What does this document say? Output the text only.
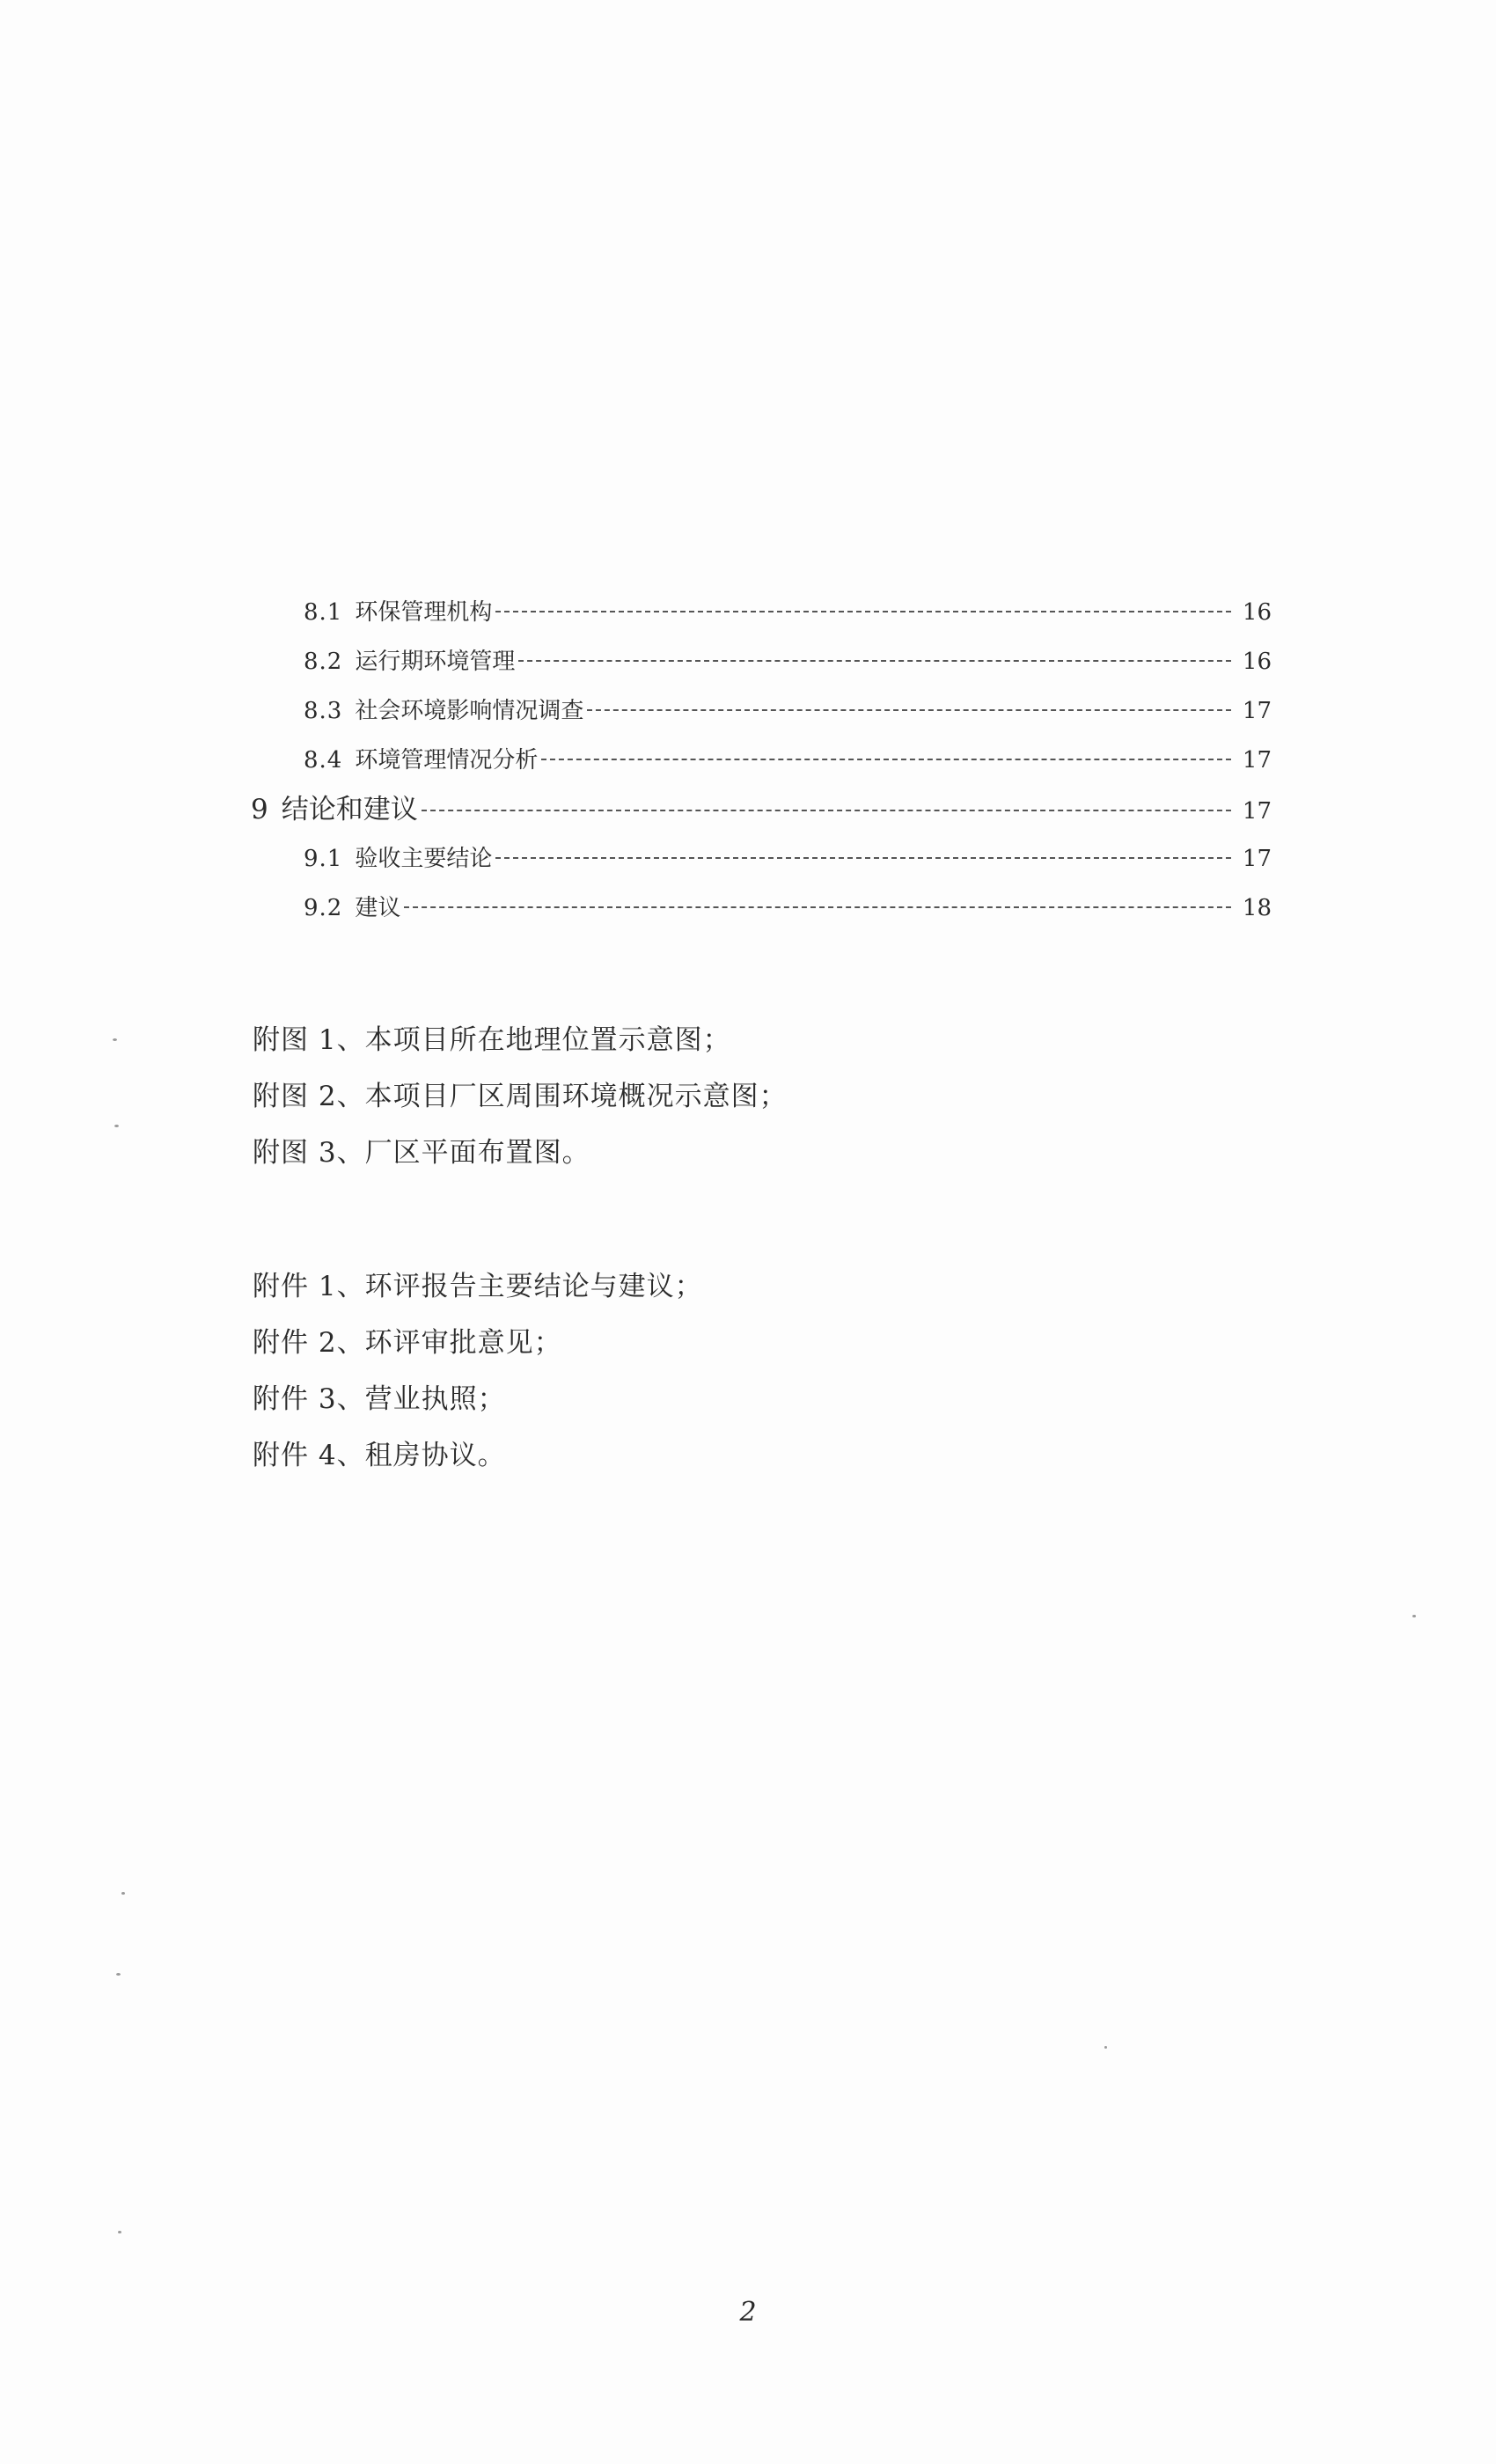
8.1 环保管理机构	16
8.2 运行期环境管理	16
8.3 社会环境影响情况调查	17
8.4 环境管理情况分析	17
9 结论和建议	17
9.1 验收主要结论	17
9.2 建议	18
附图 1、本项目所在地理位置示意图；
附图 2、本项目厂区周围环境概况示意图；
附图 3、厂区平面布置图。
附件 1、环评报告主要结论与建议；
附件 2、环评审批意见；
附件 3、营业执照；
附件 4、租房协议。
2
